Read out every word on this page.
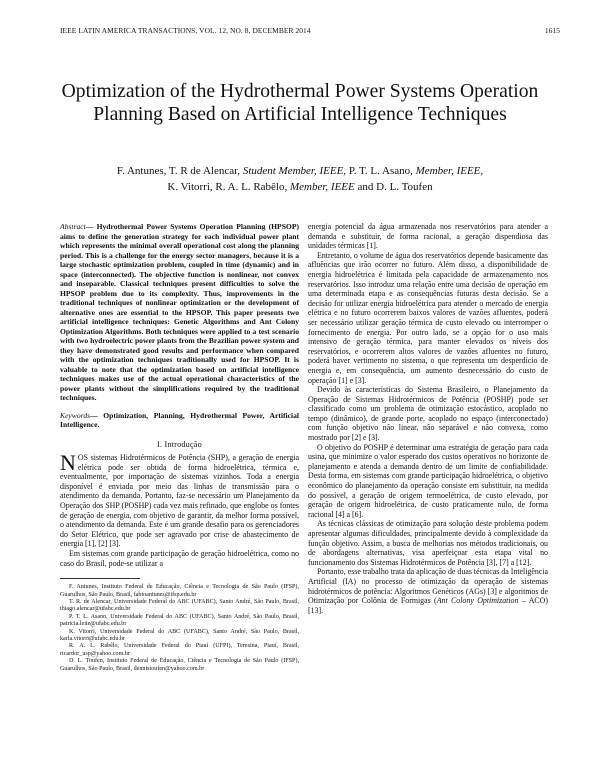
IEEE LATIN AMERICA TRANSACTIONS, VOL. 12, NO. 8, DECEMBER 2014	1615
Optimization of the Hydrothermal Power Systems Operation Planning Based on Artificial Intelligence Techniques
F. Antunes, T. R de Alencar, Student Member, IEEE, P. T. L. Asano, Member, IEEE,
K. Vitorri, R. A. L. Rabêlo, Member, IEEE and D. L. Toufen
Abstract— Hydrothermal Power Systems Operation Planning (HPSOP) aims to define the generation strategy for each individual power plant which represents the minimal overall operational cost along the planning period. This is a challenge for the energy sector managers, because it is a large stochastic optimization problem, coupled in time (dynamic) and in space (interconnected). The objective function is nonlinear, not convex and inseparable. Classical techniques present difficulties to solve the HPSOP problem due to its complexity. Thus, improvements in the traditional techniques of nonlinear optimization or the development of alternative ones are essential to the HPSOP. This paper presents two artificial intelligence techniques: Genetic Algorithms and Ant Colony Optimization Algorithms. Both techniques were applied to a test scenario with two hydroelectric power plants from the Brazilian power system and they have demonstrated good results and performance when compared with the optimization techniques traditionally used for HPSOP. It is valuable to note that the optimization based on artificial intelligence techniques makes use of the actual operational characteristics of the power plants without the simplifications required by the traditional techniques.
Keywords— Optimization, Planning, Hydrothermal Power, Artificial Intelligence.
I. Introdução

NOS sistemas Hidrotérmicos de Potência (SHP), a geração de energia elétrica pode ser obtida de forma hidroelétrica, térmica e, eventualmente, por importação de sistemas vizinhos. Toda a energia disponível é enviada por meio das linhas de transmissão para o atendimento da demanda. Portanto, faz-se necessário um Planejamento da Operação dos SHP (POSHP) cada vez mais refinado, que englobe os fontes de geração de energia, com objetivo de garantir, da melhor forma possível, o atendimento da demanda. Este é um grande desafio para os gerenciadores do Setor Elétrico, que pode ser agravado por crise de abastecimento de energia [1], [2] [3].

Em sistemas com grande participação de geração hidroelétrica, como no caso do Brasil, pode-se utilizar a

F. Antunes, Instituto Federal de Educação, Ciência e Tecnologia de São Paulo (IFSP), Guarulhos, São Paulo, Brasil, fabioantunes@ifsp.edu.br

T. R. de Alencar, Universidade Federal do ABC (UFABC), Santo André, São Paulo, Brasil, thiago.alencar@ufabc.edu.br

P. T. L. Asano, Universidade Federal do ABC (UFABC), Santo André, São Paulo, Brasil, patricia.leite@ufabc.edu.br

K. Vitorri, Universidade Federal do ABC (UFABC), Santo André, São Paulo, Brasil, karla.vitorri@ufabc.edu.br

R. A. L. Rabêlo, Universidade Federal do Piauí (UFPI), Teresina, Piauí, Brasil, ricardor_usp@yahoo.com.br

D. L. Toufen, Instituto Federal de Educação, Ciência e Tecnologia de São Paulo (IFSP), Guarulhos, São Paulo, Brasil, dennistoufen@yahoo.com.br

energia potencial da água armazenada nos reservatórios para atender a demanda e substituir, de forma racional, a geração dispendiosa das unidades térmicas [1].

Entretanto, o volume de água dos reservatórios depende basicamente das afluências que irão ocorrer no futuro. Além disso, a disponibilidade de energia hidroelétrica é limitada pela capacidade de armazenamento nos reservatórios. Isso introduz uma relação entre uma decisão de operação em uma determinada etapa e as consequências futuras desta decisão. Se a decisão for utilizar energia hidroelétrica para atender o mercado de energia elétrica e no futuro ocorrerem baixos valores de vazões afluentes, poderá ser necessário utilizar geração térmica de custo elevado ou interromper o fornecimento de energia. Por outro lado, se a opção for o uso mais intensivo de geração térmica, para manter elevados os níveis dos reservatórios, e ocorrerem altos valores de vazões afluentes no futuro, poderá haver vertimento no sistema, o que representa um desperdício de energia e, em consequência, um aumento desnecessário do custo de operação [1] e [3].

Devido às características do Sistema Brasileiro, o Planejamento da Operação de Sistemas Hidrotérmicos de Potência (POSHP) pode ser classificado como um problema de otimização estocástico, acoplado no tempo (dinâmico), de grande porte, acoplado no espaço (interconectado) com função objetivo não linear, não separável e não convexa, como mostrado por [2] e [3].

O objetivo do POSHP é determinar uma estratégia de geração para cada usina, que minimize o valor esperado dos custos operativos no horizonte de planejamento e atenda a demanda dentro de um limite de confiabilidade. Desta forma, em sistemas com grande participação hidroelétrica, o objetivo econômico do planejamento da operação consiste em substituir, na medida do possível, a geração de origem termoelétrica, de custo elevado, por geração de origem hidroelétrica, de custo praticamente nulo, de forma racional [4] a [6].

As técnicas clássicas de otimização para solução deste problema podem apresentar algumas dificuldades, principalmente devido à complexidade da função objetivo. Assim, a busca de melhorias nos métodos tradicionais, ou de abordagens alternativas, visa aperfeiçoar esta etapa vital no funcionamento dos Sistemas Hidrotérmicos de Potência [3], [7] a [12].

Portanto, esse trabalho trata da aplicação de duas técnicas da Inteligência Artificial (IA) no processo de otimização da operação de sistemas hidrotérmicos de potência: Algoritmos Genéticos (AGs) [3] e algoritmos de Otimização por Colônia de Formigas (Ant Colony Optimization – ACO) [13].
